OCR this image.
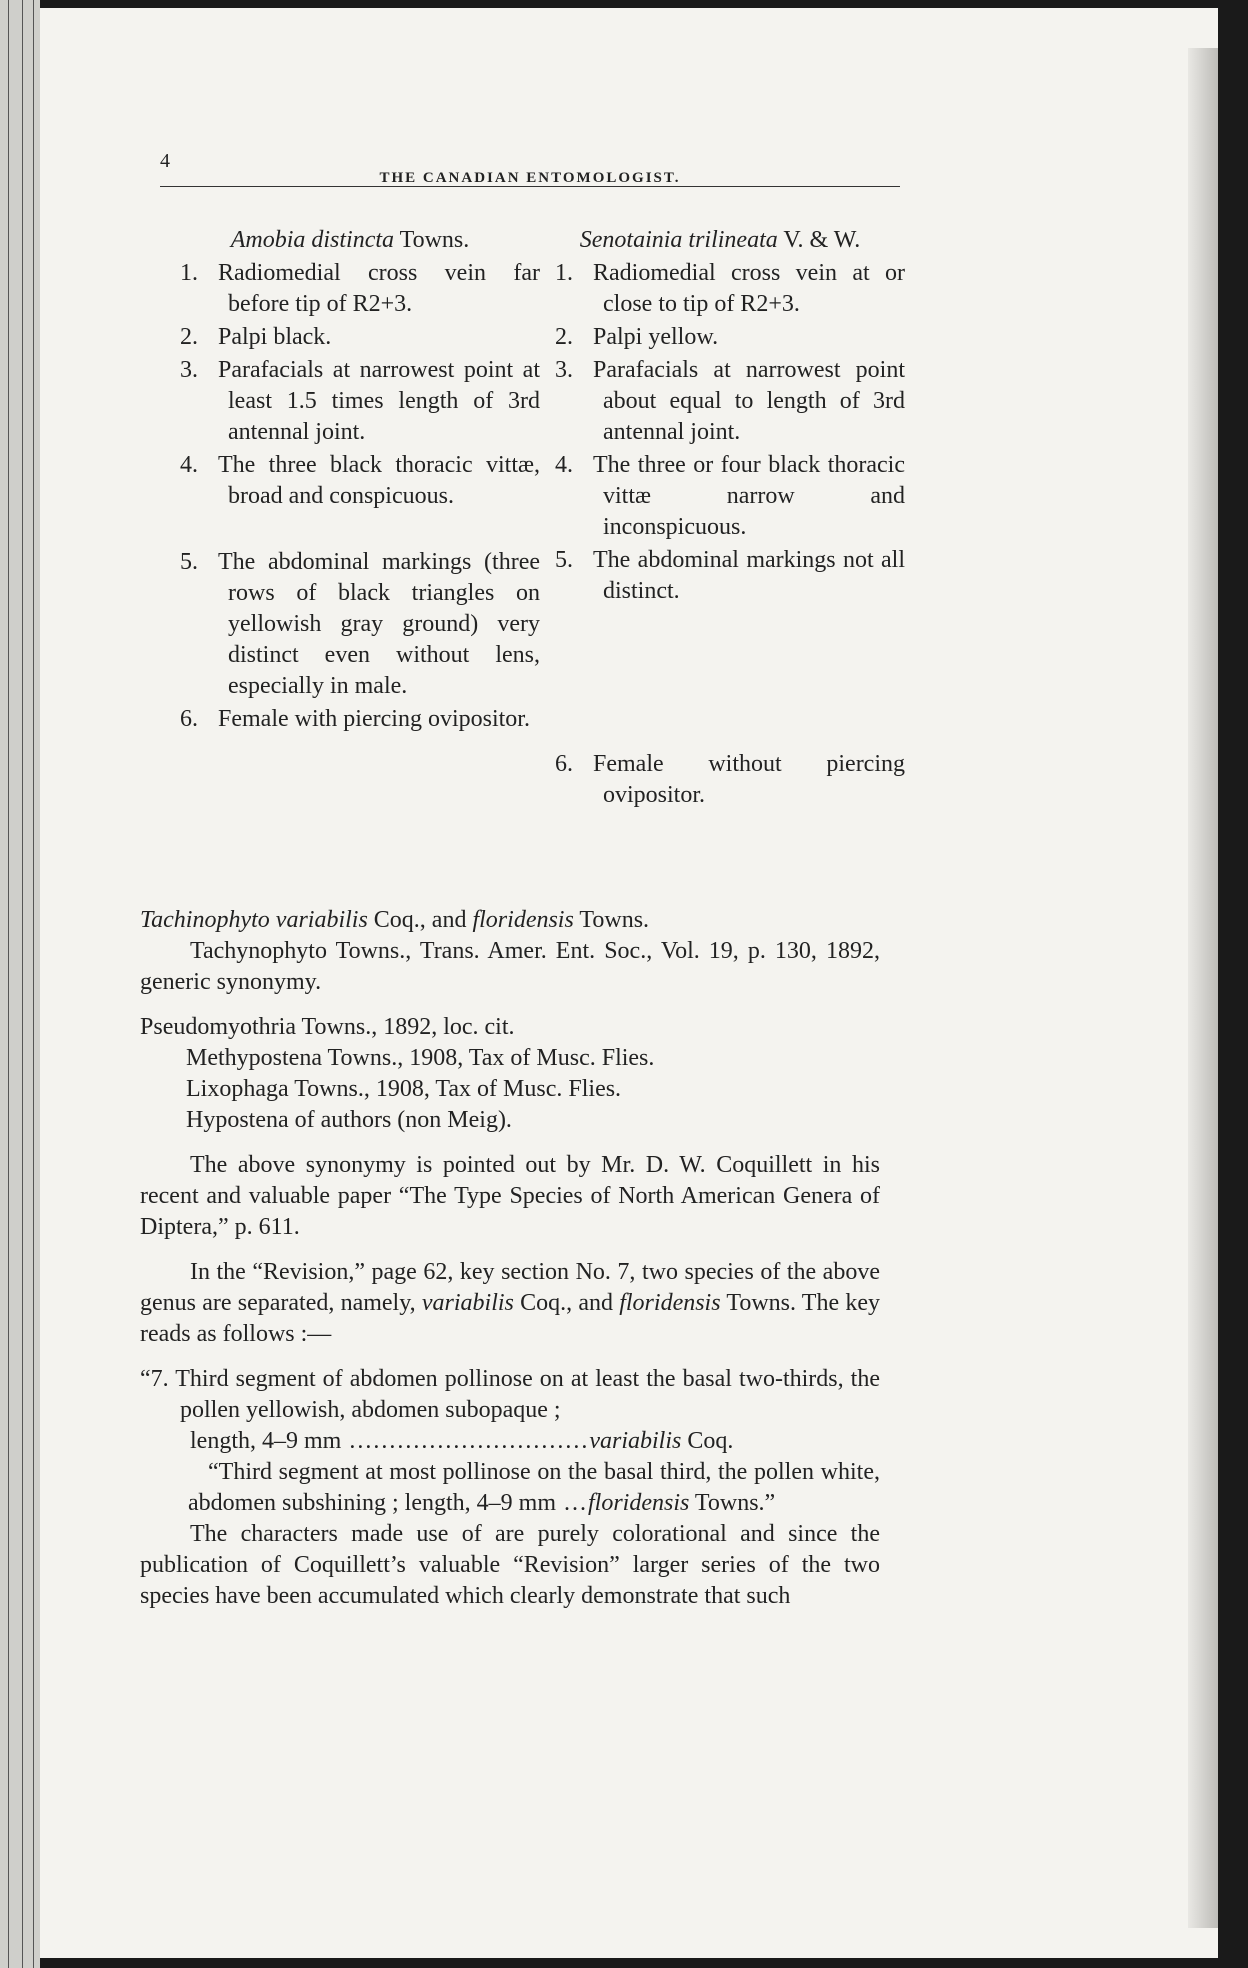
4
THE CANADIAN ENTOMOLOGIST.
Amobia distincta Towns.
1. Radiomedial cross vein far before tip of R2+3.
2. Palpi black.
3. Parafacials at narrowest point at least 1.5 times length of 3rd antennal joint.
4. The three black thoracic vittæ, broad and conspicuous.
5. The abdominal markings (three rows of black triangles on yellowish gray ground) very distinct even without lens, especially in male.
6. Female with piercing ovipositor.
Senotainia trilineata V. & W.
1. Radiomedial cross vein at or close to tip of R2+3.
2. Palpi yellow.
3. Parafacials at narrowest point about equal to length of 3rd antennal joint.
4. The three or four black thoracic vittæ narrow and inconspicuous.
5. The abdominal markings not all distinct.
6. Female without piercing ovipositor.

Tachinophyto variabilis Coq., and floridensis Towns.

Tachynophyto Towns., Trans. Amer. Ent. Soc., Vol. 19, p. 130, 1892, generic synonymy.

Pseudomyothria Towns., 1892, loc. cit.

Methypostena Towns., 1908, Tax of Musc. Flies.

Lixophaga Towns., 1908, Tax of Musc. Flies.

Hypostena of authors (non Meig).

The above synonymy is pointed out by Mr. D. W. Coquillett in his recent and valuable paper “The Type Species of North American Genera of Diptera,” p. 611.

In the “Revision,” page 62, key section No. 7, two species of the above genus are separated, namely, variabilis Coq., and floridensis Towns. The key reads as follows :—

“7. Third segment of abdomen pollinose on at least the basal two-thirds, the pollen yellowish, abdomen subopaque ;

length, 4–9 mm ..............................variabilis Coq.

“Third segment at most pollinose on the basal third, the pollen white, abdomen subshining ; length, 4–9 mm ...floridensis Towns.”

The characters made use of are purely colorational and since the publication of Coquillett’s valuable “Revision” larger series of the two species have been accumulated which clearly demonstrate that such
